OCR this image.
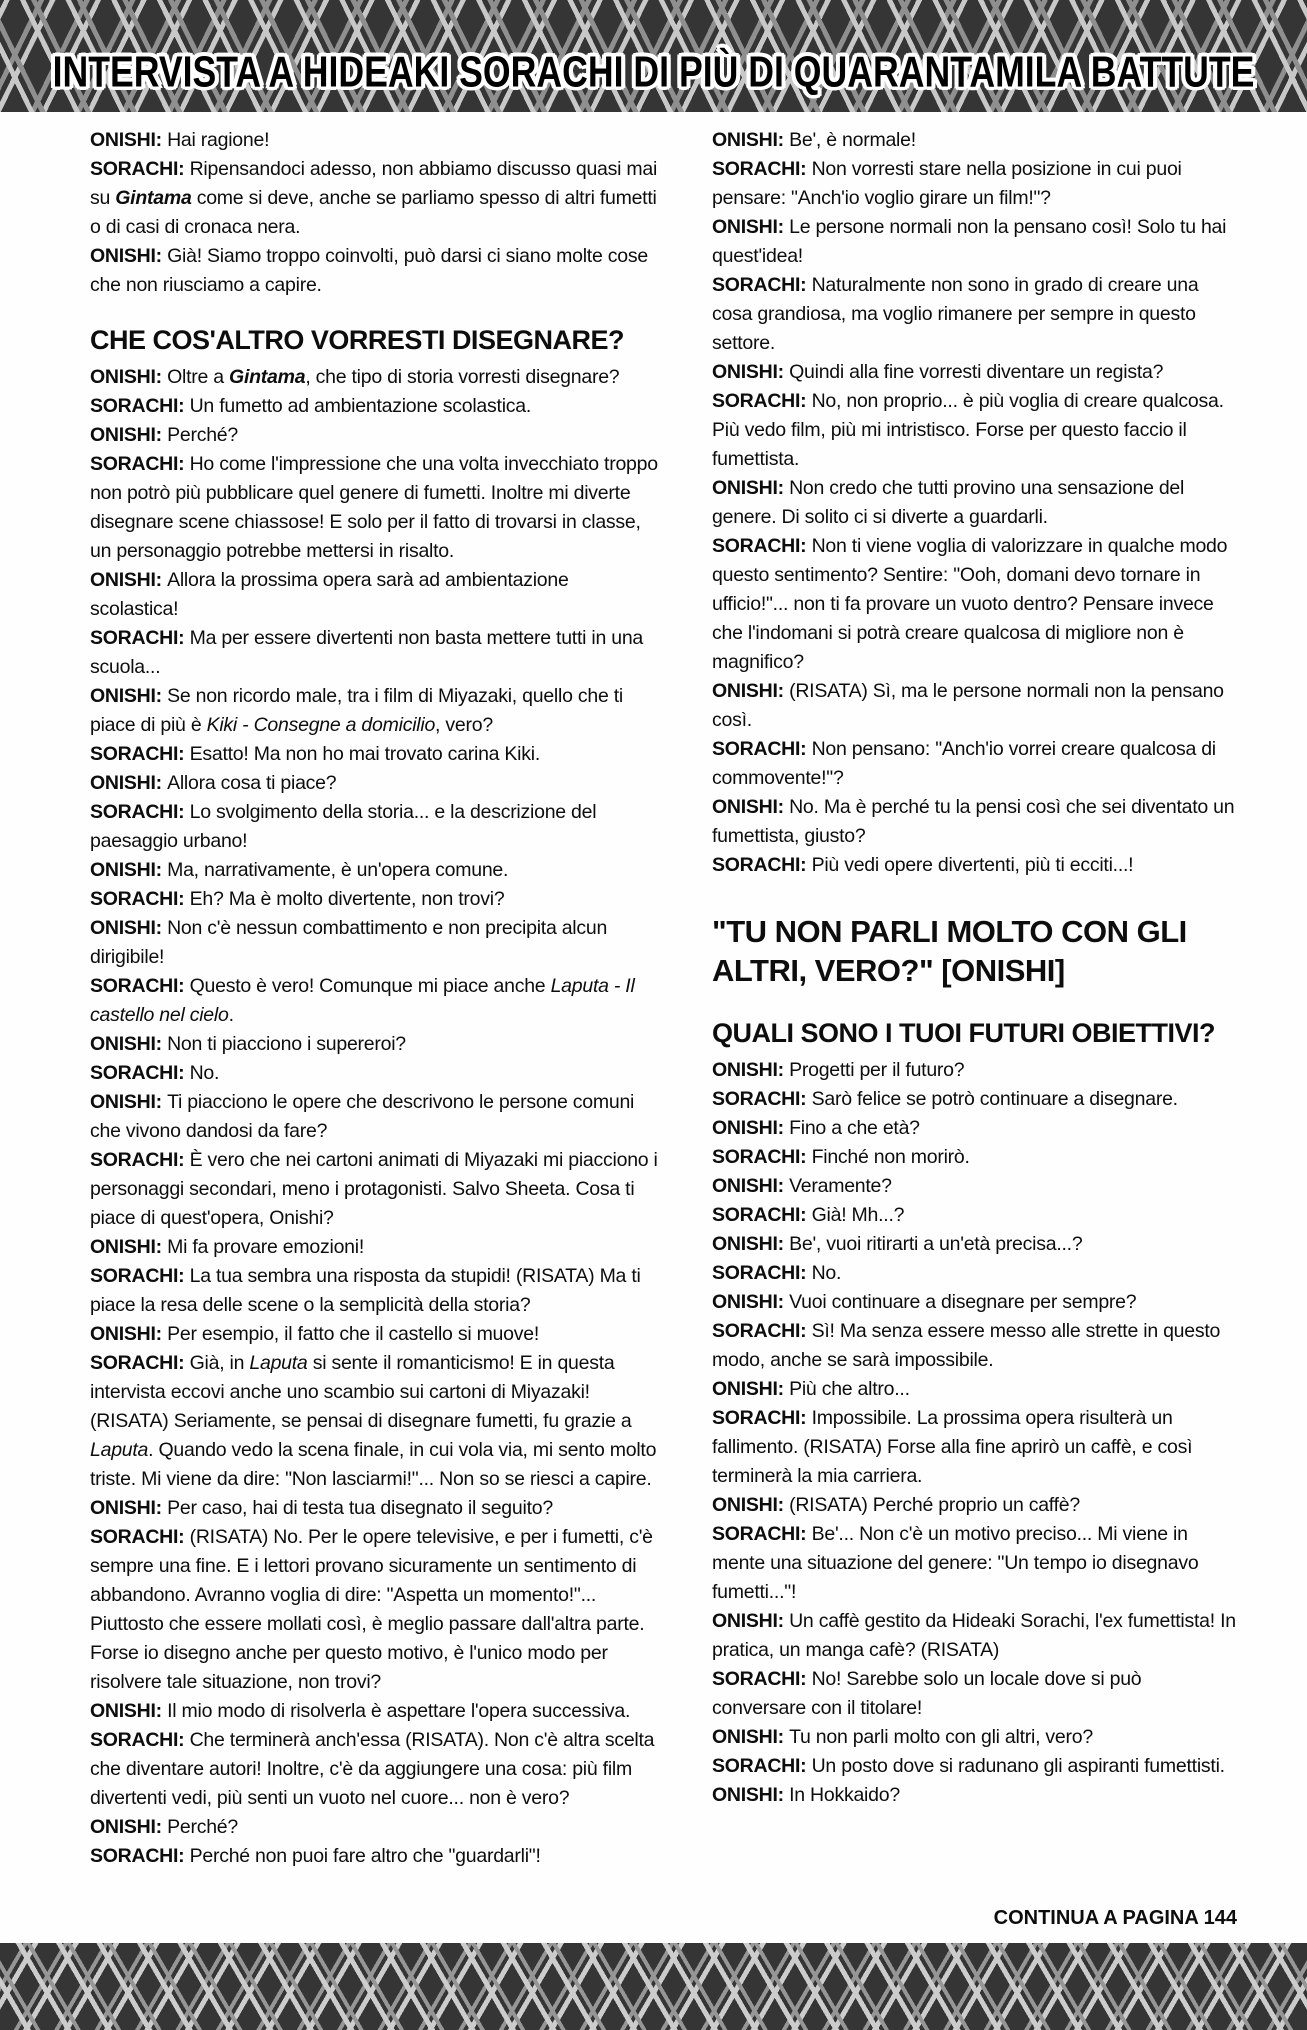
INTERVISTA A HIDEAKI SORACHI DI PIÙ DI QUARANTAMILA BATTUTE

ONISHI: Hai ragione!

SORACHI: Ripensandoci adesso, non abbiamo discusso quasi mai su Gintama come si deve, anche se parliamo spesso di altri fumetti o di casi di cronaca nera.

ONISHI: Già! Siamo troppo coinvolti, può darsi ci siano molte cose che non riusciamo a capire.

CHE COS'ALTRO VORRESTI DISEGNARE?

ONISHI: Oltre a Gintama, che tipo di storia vorresti disegnare?

SORACHI: Un fumetto ad ambientazione scolastica.

ONISHI: Perché?

SORACHI: Ho come l'impressione che una volta invecchiato troppo non potrò più pubblicare quel genere di fumetti. Inoltre mi diverte disegnare scene chiassose! E solo per il fatto di trovarsi in classe, un personaggio potrebbe mettersi in risalto.

ONISHI: Allora la prossima opera sarà ad ambientazione scolastica!

SORACHI: Ma per essere divertenti non basta mettere tutti in una scuola...

ONISHI: Se non ricordo male, tra i film di Miyazaki, quello che ti piace di più è Kiki - Consegne a domicilio, vero?

SORACHI: Esatto! Ma non ho mai trovato carina Kiki.

ONISHI: Allora cosa ti piace?

SORACHI: Lo svolgimento della storia... e la descrizione del paesaggio urbano!

ONISHI: Ma, narrativamente, è un'opera comune.

SORACHI: Eh? Ma è molto divertente, non trovi?

ONISHI: Non c'è nessun combattimento e non precipita alcun dirigibile!

SORACHI: Questo è vero! Comunque mi piace anche Laputa - Il castello nel cielo.

ONISHI: Non ti piacciono i supereroi?

SORACHI: No.

ONISHI: Ti piacciono le opere che descrivono le persone comuni che vivono dandosi da fare?

SORACHI: È vero che nei cartoni animati di Miyazaki mi piacciono i personaggi secondari, meno i protagonisti. Salvo Sheeta. Cosa ti piace di quest'opera, Onishi?

ONISHI: Mi fa provare emozioni!

SORACHI: La tua sembra una risposta da stupidi! (RISATA) Ma ti piace la resa delle scene o la semplicità della storia?

ONISHI: Per esempio, il fatto che il castello si muove!

SORACHI: Già, in Laputa si sente il romanticismo! E in questa intervista eccovi anche uno scambio sui cartoni di Miyazaki! (RISATA) Seriamente, se pensai di disegnare fumetti, fu grazie a Laputa. Quando vedo la scena finale, in cui vola via, mi sento molto triste. Mi viene da dire: "Non lasciarmi!"... Non so se riesci a capire.

ONISHI: Per caso, hai di testa tua disegnato il seguito?

SORACHI: (RISATA) No. Per le opere televisive, e per i fumetti, c'è sempre una fine. E i lettori provano sicuramente un sentimento di abbandono. Avranno voglia di dire: "Aspetta un momento!"... Piuttosto che essere mollati così, è meglio passare dall'altra parte. Forse io disegno anche per questo motivo, è l'unico modo per risolvere tale situazione, non trovi?

ONISHI: Il mio modo di risolverla è aspettare l'opera successiva.

SORACHI: Che terminerà anch'essa (RISATA). Non c'è altra scelta che diventare autori! Inoltre, c'è da aggiungere una cosa: più film divertenti vedi, più senti un vuoto nel cuore... non è vero?

ONISHI: Perché?

SORACHI: Perché non puoi fare altro che "guardarli"!

ONISHI: Be', è normale!

SORACHI: Non vorresti stare nella posizione in cui puoi pensare: "Anch'io voglio girare un film!"?

ONISHI: Le persone normali non la pensano così! Solo tu hai quest'idea!

SORACHI: Naturalmente non sono in grado di creare una cosa grandiosa, ma voglio rimanere per sempre in questo settore.

ONISHI: Quindi alla fine vorresti diventare un regista?

SORACHI: No, non proprio... è più voglia di creare qualcosa. Più vedo film, più mi intristisco. Forse per questo faccio il fumettista.

ONISHI: Non credo che tutti provino una sensazione del genere. Di solito ci si diverte a guardarli.

SORACHI: Non ti viene voglia di valorizzare in qualche modo questo sentimento? Sentire: "Ooh, domani devo tornare in ufficio!"... non ti fa provare un vuoto dentro? Pensare invece che l'indomani si potrà creare qualcosa di migliore non è magnifico?

ONISHI: (RISATA) Sì, ma le persone normali non la pensano così.

SORACHI: Non pensano: "Anch'io vorrei creare qualcosa di commovente!"?

ONISHI: No. Ma è perché tu la pensi così che sei diventato un fumettista, giusto?

SORACHI: Più vedi opere divertenti, più ti ecciti...!

"TU NON PARLI MOLTO CON GLI ALTRI, VERO?" [ONISHI]
QUALI SONO I TUOI FUTURI OBIETTIVI?

ONISHI: Progetti per il futuro?

SORACHI: Sarò felice se potrò continuare a disegnare.

ONISHI: Fino a che età?

SORACHI: Finché non morirò.

ONISHI: Veramente?

SORACHI: Già! Mh...?

ONISHI: Be', vuoi ritirarti a un'età precisa...?

SORACHI: No.

ONISHI: Vuoi continuare a disegnare per sempre?

SORACHI: Sì! Ma senza essere messo alle strette in questo modo, anche se sarà impossibile.

ONISHI: Più che altro...

SORACHI: Impossibile. La prossima opera risulterà un fallimento. (RISATA) Forse alla fine aprirò un caffè, e così terminerà la mia carriera.

ONISHI: (RISATA) Perché proprio un caffè?

SORACHI: Be'... Non c'è un motivo preciso... Mi viene in mente una situazione del genere: "Un tempo io disegnavo fumetti..."!

ONISHI: Un caffè gestito da Hideaki Sorachi, l'ex fumettista! In pratica, un manga cafè? (RISATA)

SORACHI: No! Sarebbe solo un locale dove si può conversare con il titolare!

ONISHI: Tu non parli molto con gli altri, vero?

SORACHI: Un posto dove si radunano gli aspiranti fumettisti.

ONISHI: In Hokkaido?

CONTINUA A PAGINA 144
